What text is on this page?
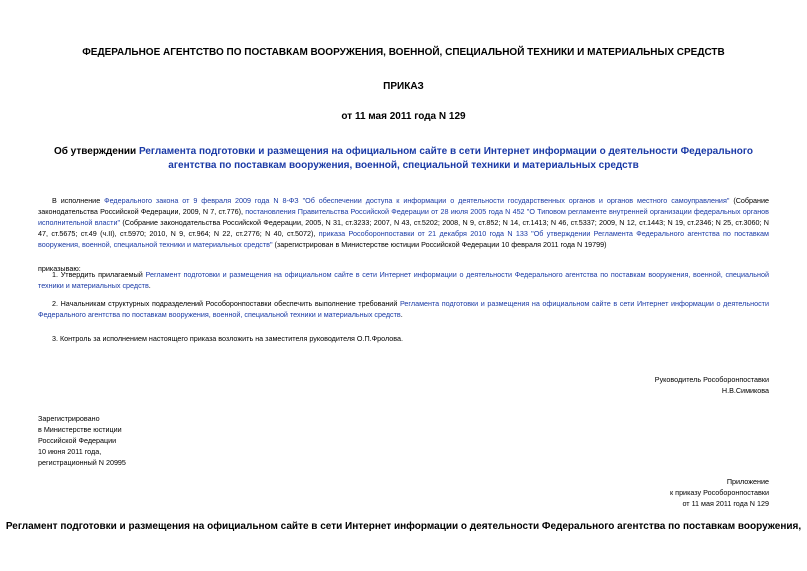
ФЕДЕРАЛЬНОЕ АГЕНТСТВО ПО ПОСТАВКАМ ВООРУЖЕНИЯ, ВОЕННОЙ, СПЕЦИАЛЬНОЙ ТЕХНИКИ И МАТЕРИАЛЬНЫХ СРЕДСТВ
ПРИКАЗ
от 11 мая 2011 года N 129
Об утверждении Регламента подготовки и размещения на официальном сайте в сети Интернет информации о деятельности Федерального агентства по поставкам вооружения, военной, специальной техники и материальных средств
В исполнение Федерального закона от 9 февраля 2009 года N 8-ФЗ "Об обеспечении доступа к информации о деятельности государственных органов и органов местного самоуправления" (Собрание законодательства Российской Федерации, 2009, N 7, ст.776), постановления Правительства Российской Федерации от 28 июля 2005 года N 452 "О Типовом регламенте внутренней организации федеральных органов исполнительной власти" (Собрание законодательства Российской Федерации, 2005, N 31, ст.3233; 2007, N 43, ст.5202; 2008, N 9, ст.852; N 14, ст.1413; N 46, ст.5337; 2009, N 12, ст.1443; N 19, ст.2346; N 25, ст.3060; N 47, ст.5675; ст.49 (ч.II), ст.5970; 2010, N 9, ст.964; N 22, ст.2776; N 40, ст.5072), приказа Рособоронпоставки от 21 декабря 2010 года N 133 "Об утверждении Регламента Федерального агентства по поставкам вооружения, военной, специальной техники и материальных средств" (зарегистрирован в Министерстве юстиции Российской Федерации 10 февраля 2011 года N 19799)
приказываю:
1. Утвердить прилагаемый Регламент подготовки и размещения на официальном сайте в сети Интернет информации о деятельности Федерального агентства по поставкам вооружения, военной, специальной техники и материальных средств.
2. Начальникам структурных подразделений Рособоронпоставки обеспечить выполнение требований Регламента подготовки и размещения на официальном сайте в сети Интернет информации о деятельности Федерального агентства по поставкам вооружения, военной, специальной техники и материальных средств.
3. Контроль за исполнением настоящего приказа возложить на заместителя руководителя О.П.Фролова.
Руководитель Рособоронпоставки
Н.В.Симикова
Зарегистрировано
в Министерстве юстиции
Российской Федерации
10 июня 2011 года,
регистрационный N 20995
Приложение
к приказу Рособоронпоставки
от 11 мая 2011 года N 129
Регламент подготовки и размещения на официальном сайте в сети Интернет информации о деятельности Федерального агентства по поставкам вооружения,
